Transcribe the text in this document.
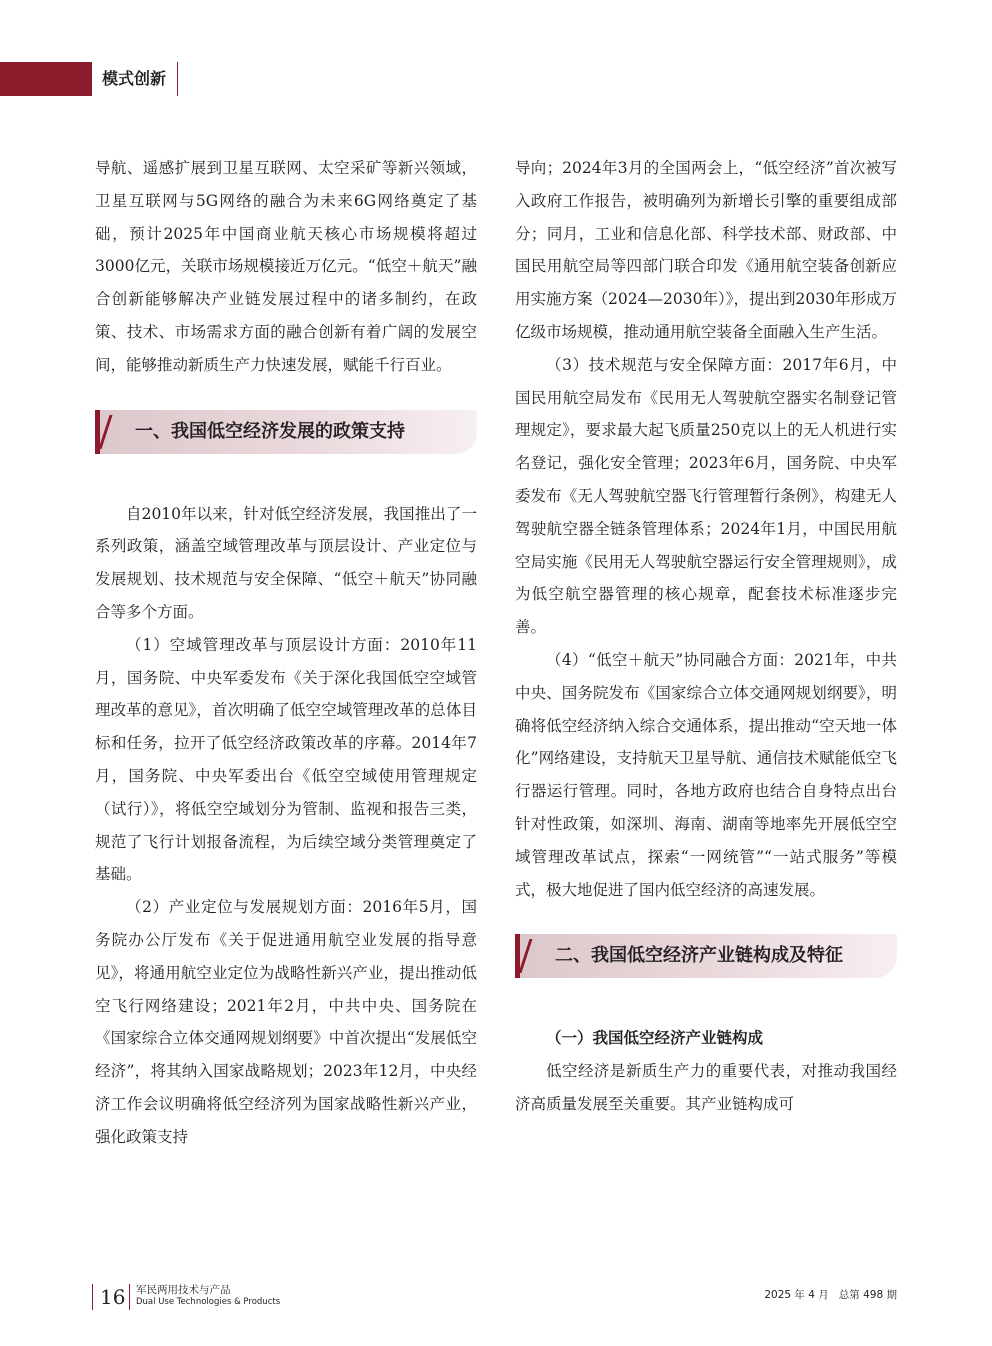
模式创新

导航、遥感扩展到卫星互联网、太空采矿等新兴领域，卫星互联网与5G网络的融合为未来6G网络奠定了基础，预计2025年中国商业航天核心市场规模将超过3000亿元，关联市场规模接近万亿元。“低空＋航天”融合创新能够解决产业链发展过程中的诸多制约，在政策、技术、市场需求方面的融合创新有着广阔的发展空间，能够推动新质生产力快速发展，赋能千行百业。

一、我国低空经济发展的政策支持

自2010年以来，针对低空经济发展，我国推出了一系列政策，涵盖空域管理改革与顶层设计、产业定位与发展规划、技术规范与安全保障、“低空＋航天”协同融合等多个方面。

（1）空域管理改革与顶层设计方面：2010年11月，国务院、中央军委发布《关于深化我国低空空域管理改革的意见》，首次明确了低空空域管理改革的总体目标和任务，拉开了低空经济政策改革的序幕。2014年7月，国务院、中央军委出台《低空空域使用管理规定（试行）》，将低空空域划分为管制、监视和报告三类，规范了飞行计划报备流程，为后续空域分类管理奠定了基础。

（2）产业定位与发展规划方面：2016年5月，国务院办公厅发布《关于促进通用航空业发展的指导意见》，将通用航空业定位为战略性新兴产业，提出推动低空飞行网络建设；2021年2月，中共中央、国务院在《国家综合立体交通网规划纲要》中首次提出“发展低空经济”，将其纳入国家战略规划；2023年12月，中央经济工作会议明确将低空经济列为国家战略性新兴产业，强化政策支持

导向；2024年3月的全国两会上，“低空经济”首次被写入政府工作报告，被明确列为新增长引擎的重要组成部分；同月，工业和信息化部、科学技术部、财政部、中国民用航空局等四部门联合印发《通用航空装备创新应用实施方案（2024—2030年）》，提出到2030年形成万亿级市场规模，推动通用航空装备全面融入生产生活。

（3）技术规范与安全保障方面：2017年6月，中国民用航空局发布《民用无人驾驶航空器实名制登记管理规定》，要求最大起飞质量250克以上的无人机进行实名登记，强化安全管理；2023年6月，国务院、中央军委发布《无人驾驶航空器飞行管理暂行条例》，构建无人驾驶航空器全链条管理体系；2024年1月，中国民用航空局实施《民用无人驾驶航空器运行安全管理规则》，成为低空航空器管理的核心规章，配套技术标准逐步完善。

（4）“低空＋航天”协同融合方面：2021年，中共中央、国务院发布《国家综合立体交通网规划纲要》，明确将低空经济纳入综合交通体系，提出推动“空天地一体化”网络建设，支持航天卫星导航、通信技术赋能低空飞行器运行管理。同时，各地方政府也结合自身特点出台针对性政策，如深圳、海南、湖南等地率先开展低空空域管理改革试点，探索“一网统管”“一站式服务”等模式，极大地促进了国内低空经济的高速发展。

二、我国低空经济产业链构成及特征

（一）我国低空经济产业链构成

低空经济是新质生产力的重要代表，对推动我国经济高质量发展至关重要。其产业链构成可

16 军民两用技术与产品
Dual Use Technologies & Products
2025 年 4 月   总第 498 期
